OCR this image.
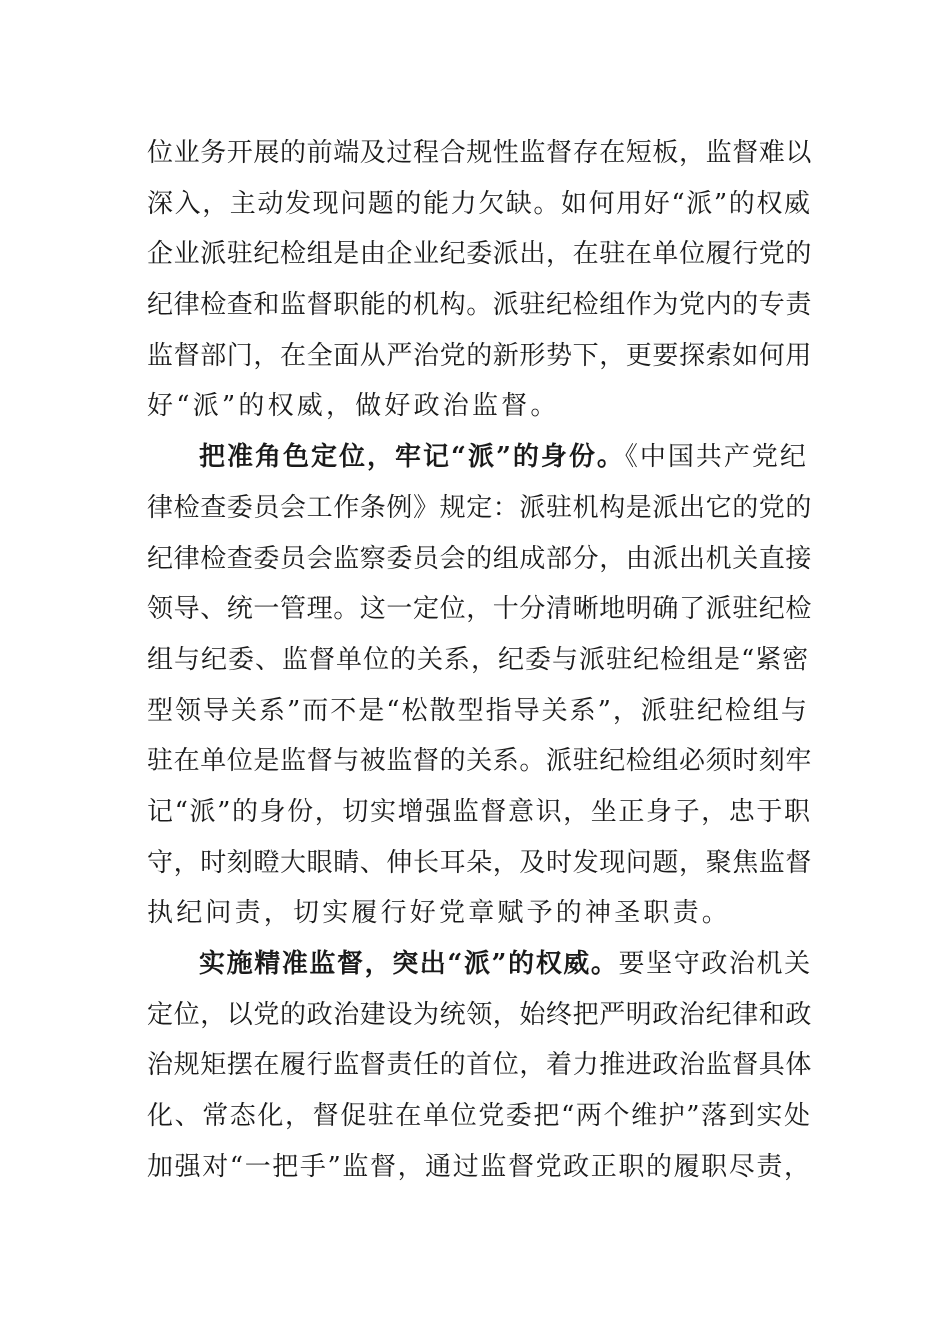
位业务开展的前端及过程合规性监督存在短板，监督难以
深入，主动发现问题的能力欠缺。如何用好“派”的权威
企业派驻纪检组是由企业纪委派出，在驻在单位履行党的
纪律检查和监督职能的机构。派驻纪检组作为党内的专责
监督部门，在全面从严治党的新形势下，更要探索如何用
好“派”的权威，做好政治监督。
把准角色定位，牢记“派”的身份。《中国共产党纪
律检查委员会工作条例》规定：派驻机构是派出它的党的
纪律检查委员会监察委员会的组成部分，由派出机关直接
领导、统一管理。这一定位，十分清晰地明确了派驻纪检
组与纪委、监督单位的关系，纪委与派驻纪检组是“紧密
型领导关系”而不是“松散型指导关系”，派驻纪检组与
驻在单位是监督与被监督的关系。派驻纪检组必须时刻牢
记“派”的身份，切实增强监督意识，坐正身子，忠于职
守，时刻瞪大眼睛、伸长耳朵，及时发现问题，聚焦监督
执纪问责，切实履行好党章赋予的神圣职责。
实施精准监督，突出“派”的权威。要坚守政治机关
定位，以党的政治建设为统领，始终把严明政治纪律和政
治规矩摆在履行监督责任的首位，着力推进政治监督具体
化、常态化，督促驻在单位党委把“两个维护”落到实处
加强对“一把手”监督，通过监督党政正职的履职尽责，
